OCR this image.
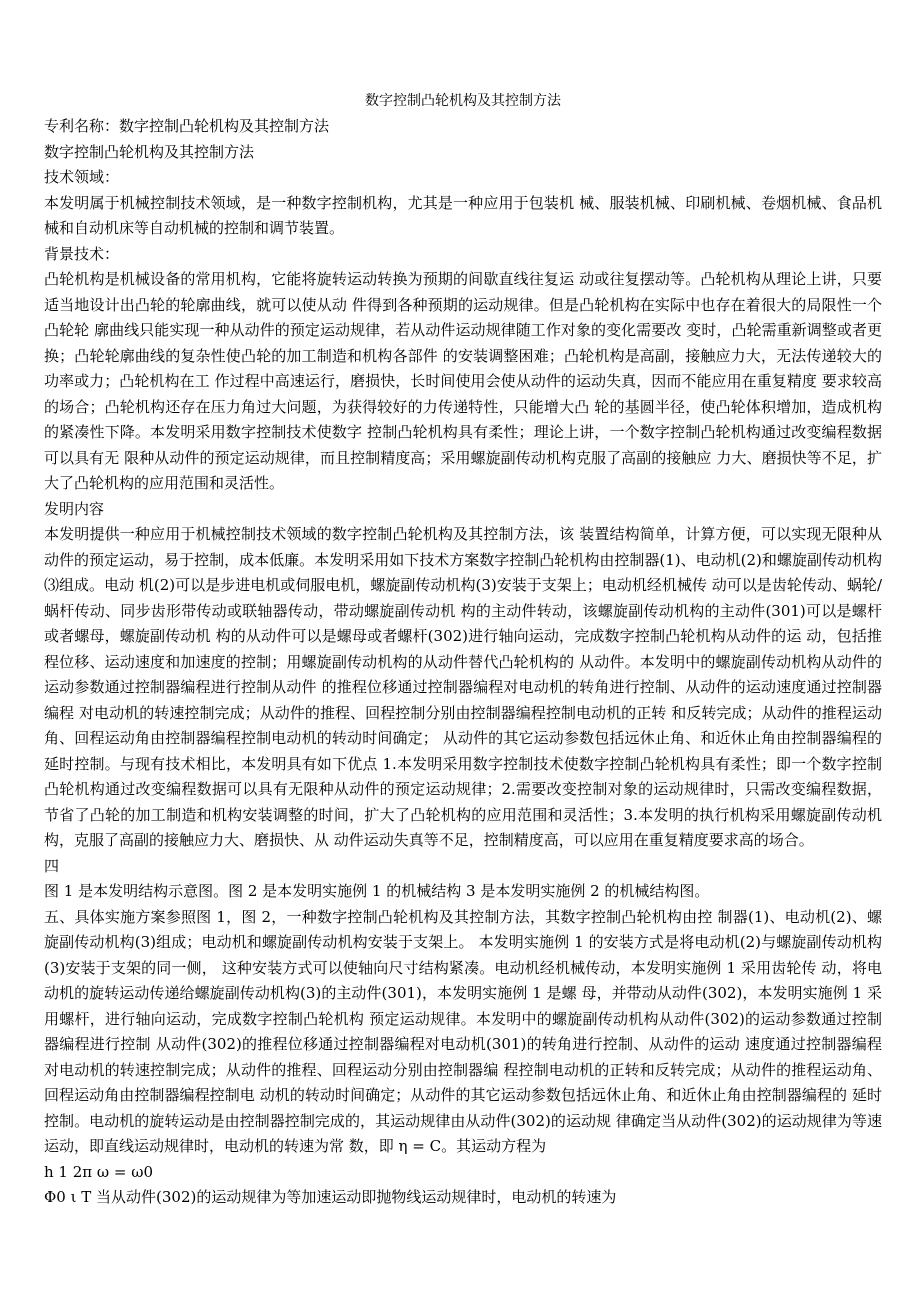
数字控制凸轮机构及其控制方法

专利名称：数字控制凸轮机构及其控制方法

数字控制凸轮机构及其控制方法

技术领域：

本发明属于机械控制技术领域，是一种数字控制机构，尤其是一种应用于包装机 械、服装机械、印刷机械、卷烟机械、食品机械和自动机床等自动机械的控制和调节装置。

背景技术：

凸轮机构是机械设备的常用机构，它能将旋转运动转换为预期的间歇直线往复运 动或往复摆动等。凸轮机构从理论上讲，只要适当地设计出凸轮的轮廓曲线，就可以使从动 件得到各种预期的运动规律。但是凸轮机构在实际中也存在着很大的局限性一个凸轮轮 廓曲线只能实现一种从动件的预定运动规律，若从动件运动规律随工作对象的变化需要改 变时，凸轮需重新调整或者更换；凸轮轮廓曲线的复杂性使凸轮的加工制造和机构各部件 的安装调整困难；凸轮机构是高副，接触应力大，无法传递较大的功率或力；凸轮机构在工 作过程中高速运行，磨损快，长时间使用会使从动件的运动失真，因而不能应用在重复精度 要求较高的场合；凸轮机构还存在压力角过大问题，为获得较好的力传递特性，只能增大凸 轮的基圆半径，使凸轮体积增加，造成机构的紧凑性下降。本发明采用数字控制技术使数字 控制凸轮机构具有柔性；理论上讲，一个数字控制凸轮机构通过改变编程数据可以具有无 限种从动件的预定运动规律，而且控制精度高；采用螺旋副传动机构克服了高副的接触应 力大、磨损快等不足，扩大了凸轮机构的应用范围和灵活性。

发明内容

本发明提供一种应用于机械控制技术领域的数字控制凸轮机构及其控制方法，该 装置结构简单，计算方便，可以实现无限种从动件的预定运动，易于控制，成本低廉。本发明采用如下技术方案数字控制凸轮机构由控制器(1)、电动机(2)和螺旋副传动机构⑶组成。电动 机(2)可以是步进电机或伺服电机，螺旋副传动机构(3)安装于支架上；电动机经机械传 动可以是齿轮传动、蜗轮/蜗杆传动、同步齿形带传动或联轴器传动，带动螺旋副传动机 构的主动件转动，该螺旋副传动机构的主动件(301)可以是螺杆或者螺母，螺旋副传动机 构的从动件可以是螺母或者螺杆(302)进行轴向运动，完成数字控制凸轮机构从动件的运 动，包括推程位移、运动速度和加速度的控制；用螺旋副传动机构的从动件替代凸轮机构的 从动件。本发明中的螺旋副传动机构从动件的运动参数通过控制器编程进行控制从动件 的推程位移通过控制器编程对电动机的转角进行控制、从动件的运动速度通过控制器编程 对电动机的转速控制完成；从动件的推程、回程控制分别由控制器编程控制电动机的正转 和反转完成；从动件的推程运动角、回程运动角由控制器编程控制电动机的转动时间确定； 从动件的其它运动参数包括远休止角、和近休止角由控制器编程的延时控制。与现有技术相比，本发明具有如下优点 1.本发明采用数字控制技术使数字控制凸轮机构具有柔性；即一个数字控制凸轮机构通过改变编程数据可以具有无限种从动件的预定运动规律；2.需要改变控制对象的运动规律时，只需改变编程数据，节省了凸轮的加工制造和机构安装调整的时间，扩大了凸轮机构的应用范围和灵活性；3.本发明的执行机构采用螺旋副传动机构，克服了高副的接触应力大、磨损快、从 动件运动失真等不足，控制精度高，可以应用在重复精度要求高的场合。

四

图 1 是本发明结构示意图。图 2 是本发明实施例 1 的机械结构 3 是本发明实施例 2 的机械结构图。

五、具体实施方案参照图 1，图 2，一种数字控制凸轮机构及其控制方法，其数字控制凸轮机构由控 制器(1)、电动机(2)、螺旋副传动机构(3)组成；电动机和螺旋副传动机构安装于支架上。 本发明实施例 1 的安装方式是将电动机(2)与螺旋副传动机构(3)安装于支架的同一侧， 这种安装方式可以使轴向尺寸结构紧凑。电动机经机械传动，本发明实施例 1 采用齿轮传 动，将电动机的旋转运动传递给螺旋副传动机构(3)的主动件(301)，本发明实施例 1 是螺 母，并带动从动件(302)，本发明实施例 1 采用螺杆，进行轴向运动，完成数字控制凸轮机构 预定运动规律。本发明中的螺旋副传动机构从动件(302)的运动参数通过控制器编程进行控制 从动件(302)的推程位移通过控制器编程对电动机(301)的转角进行控制、从动件的运动 速度通过控制器编程对电动机的转速控制完成；从动件的推程、回程运动分别由控制器编 程控制电动机的正转和反转完成；从动件的推程运动角、回程运动角由控制器编程控制电 动机的转动时间确定；从动件的其它运动参数包括远休止角、和近休止角由控制器编程的 延时控制。电动机的旋转运动是由控制器控制完成的，其运动规律由从动件(302)的运动规 律确定当从动件(302)的运动规律为等速运动，即直线运动规律时，电动机的转速为常 数，即 η = C。其运动方程为

h 1 2π ω = ω0

Φ0 ι T 当从动件(302)的运动规律为等加速运动即抛物线运动规律时，电动机的转速为
